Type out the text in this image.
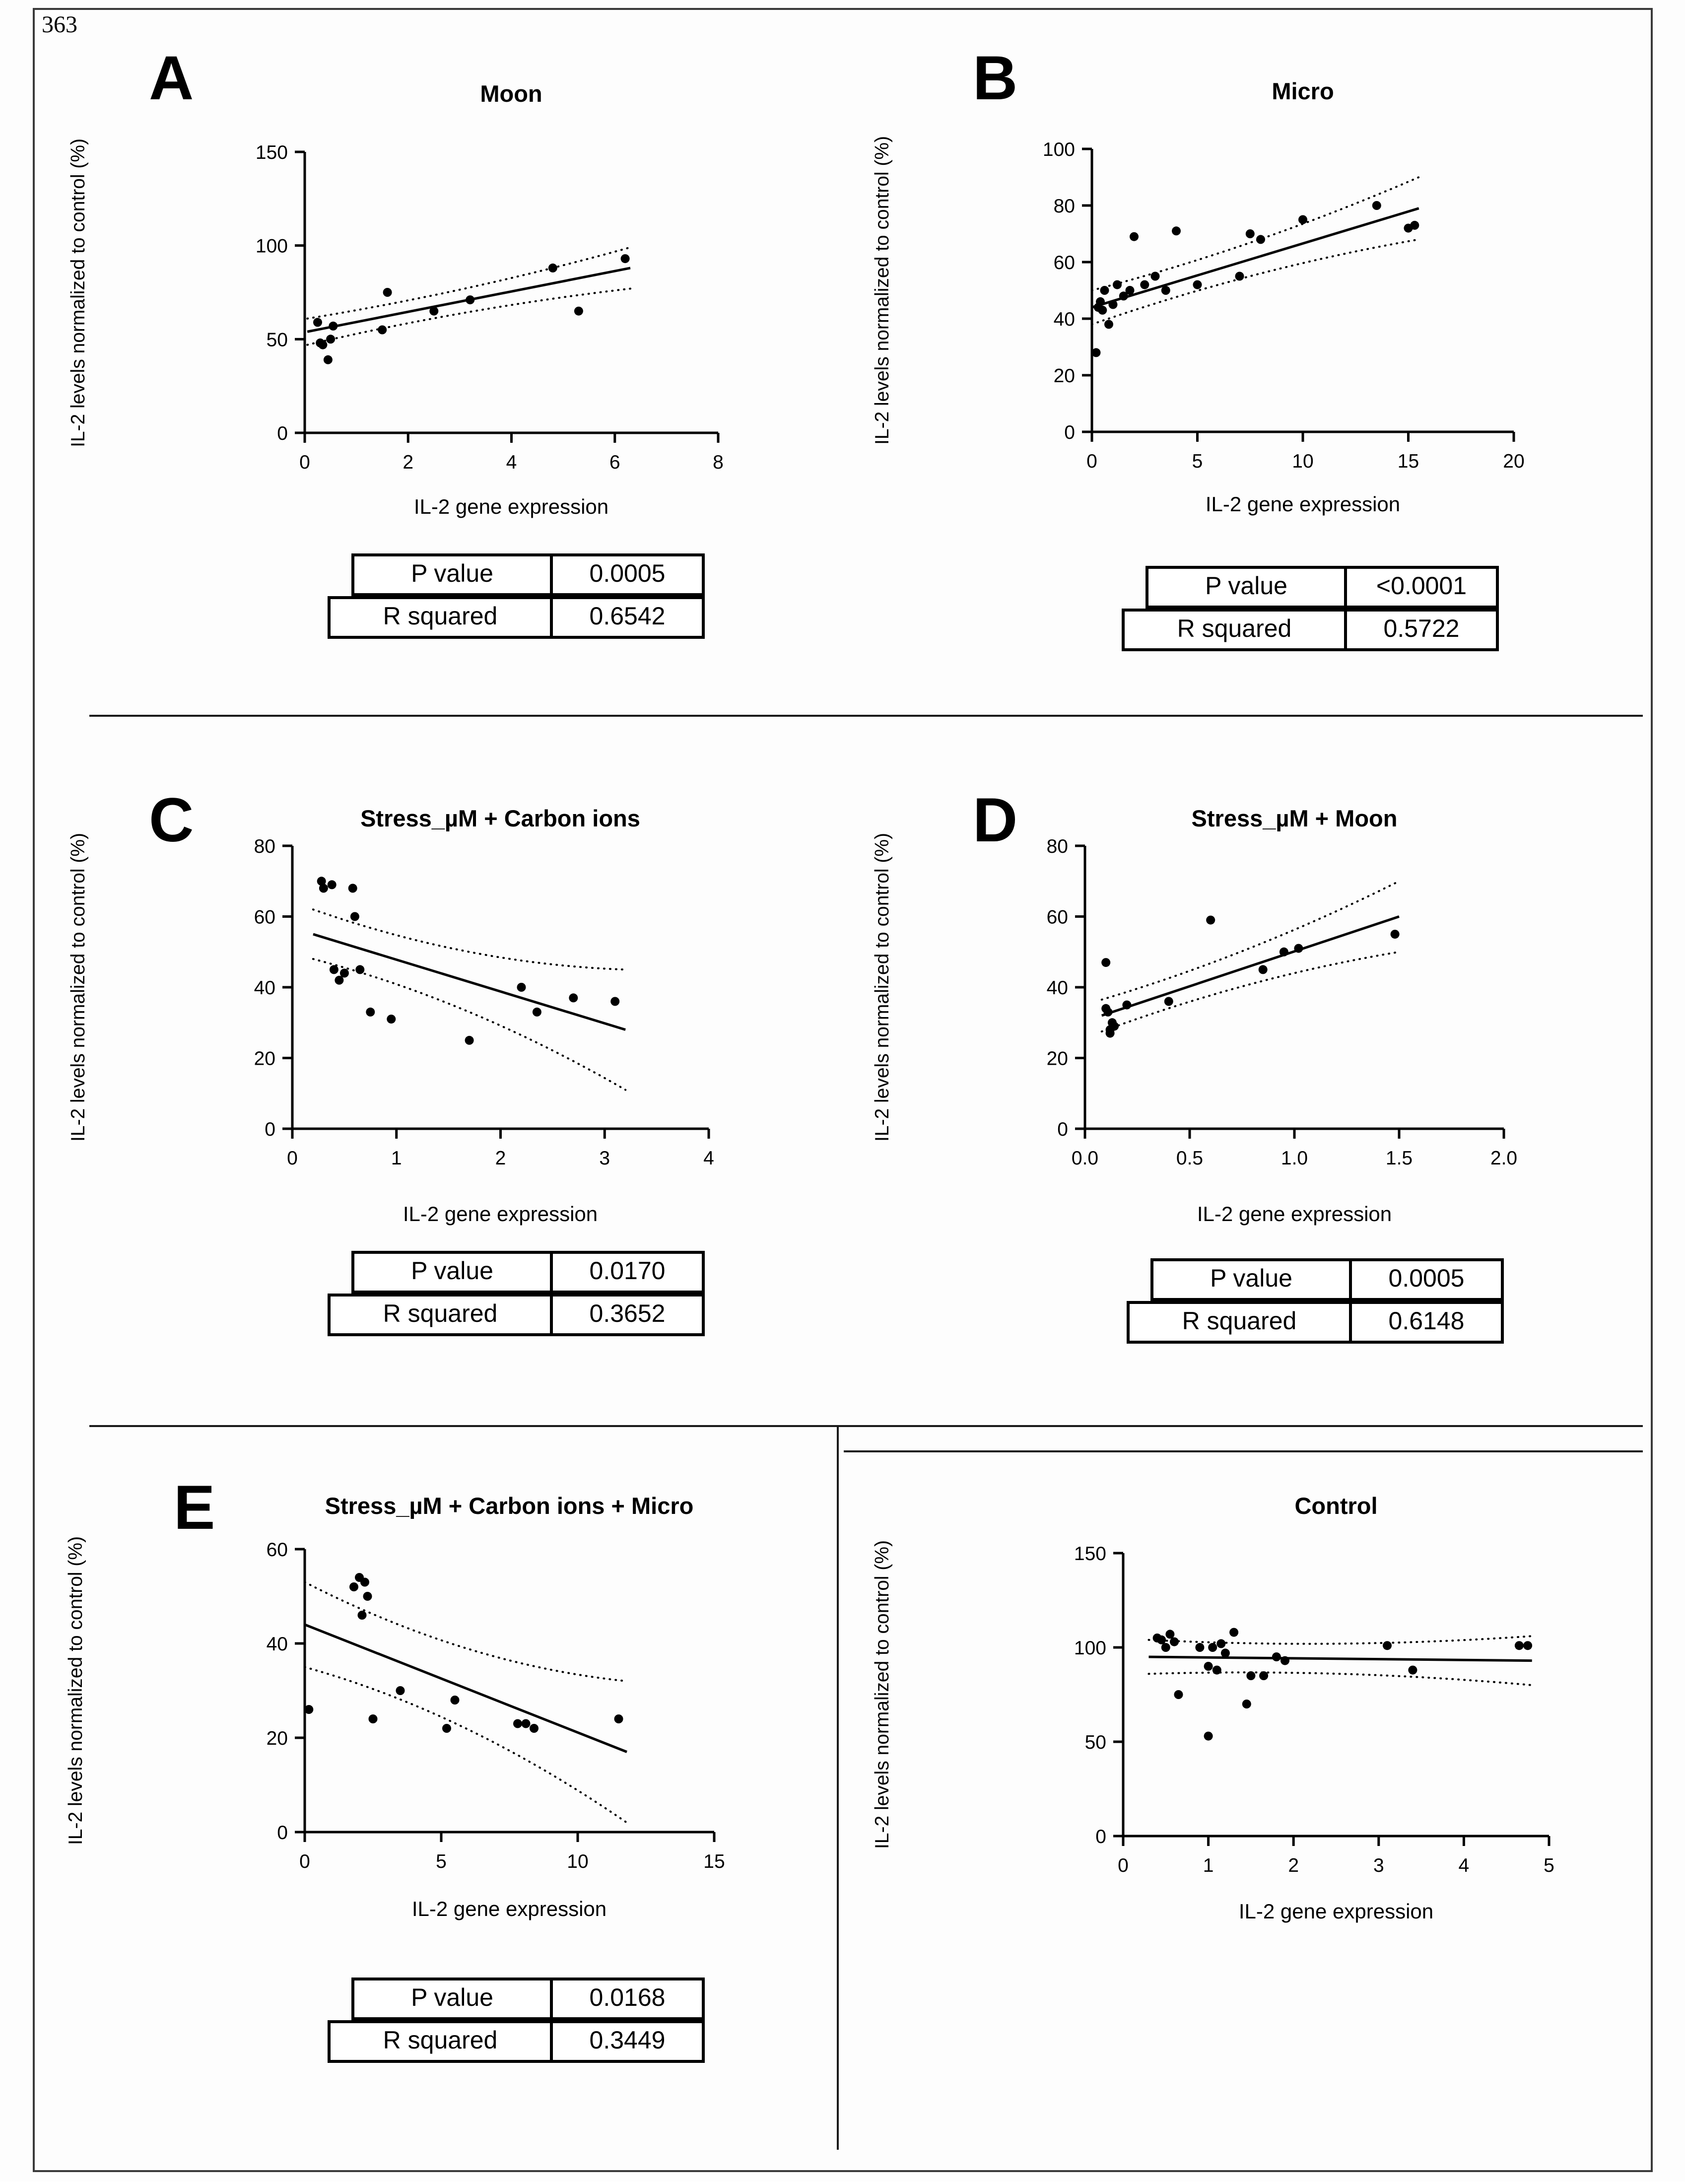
363
A	Moon
IL-2 levels normalized to control (%)
IL-2 gene expression
0	2	4	6	8
0
50
100
150
P value	0.0005
R squared	0.6542
B	Micro
IL-2 levels normalized to control (%)
IL-2 gene expression
0	5	10	15	20
0
20
40
60
80
100
P value	<0.0001
R squared	0.5722
C	Stress_µM + Carbon ions
IL-2 levels normalized to control (%)
IL-2 gene expression
0	1	2	3	4
0
20
40
60
80
P value	0.0170
R squared	0.3652
D	Stress_µM + Moon
IL-2 levels normalized to control (%)
IL-2 gene expression
0.0	0.5	1.0	1.5	2.0
0
20
40
60
80
P value	0.0005
R squared	0.6148
E	Stress_µM + Carbon ions + Micro
IL-2 levels normalized to control (%)
IL-2 gene expression
0	5	10	15
0
20
40
60
P value	0.0168
R squared	0.3449
Control
IL-2 levels normalized to control (%)
IL-2 gene expression
0	1	2	3	4	5
0
50
100
150
